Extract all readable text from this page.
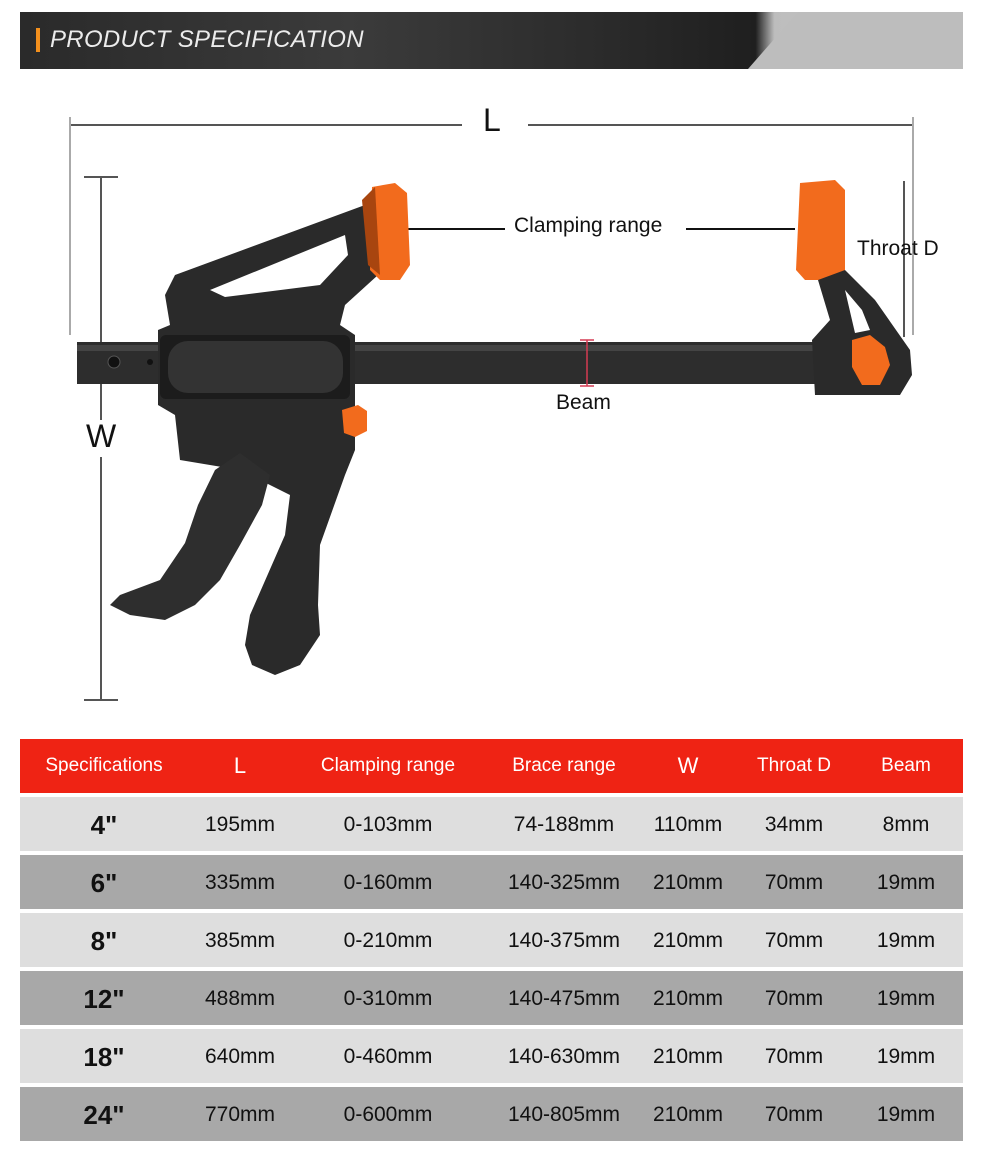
PRODUCT SPECIFICATION
L
W
Clamping range
Throat D
Beam
Specifications	L	Clamping range	Brace range	W	Throat D	Beam
4"	195mm	0-103mm	74-188mm	110mm	34mm	8mm
6"	335mm	0-160mm	140-325mm	210mm	70mm	19mm
8"	385mm	0-210mm	140-375mm	210mm	70mm	19mm
12"	488mm	0-310mm	140-475mm	210mm	70mm	19mm
18"	640mm	0-460mm	140-630mm	210mm	70mm	19mm
24"	770mm	0-600mm	140-805mm	210mm	70mm	19mm
